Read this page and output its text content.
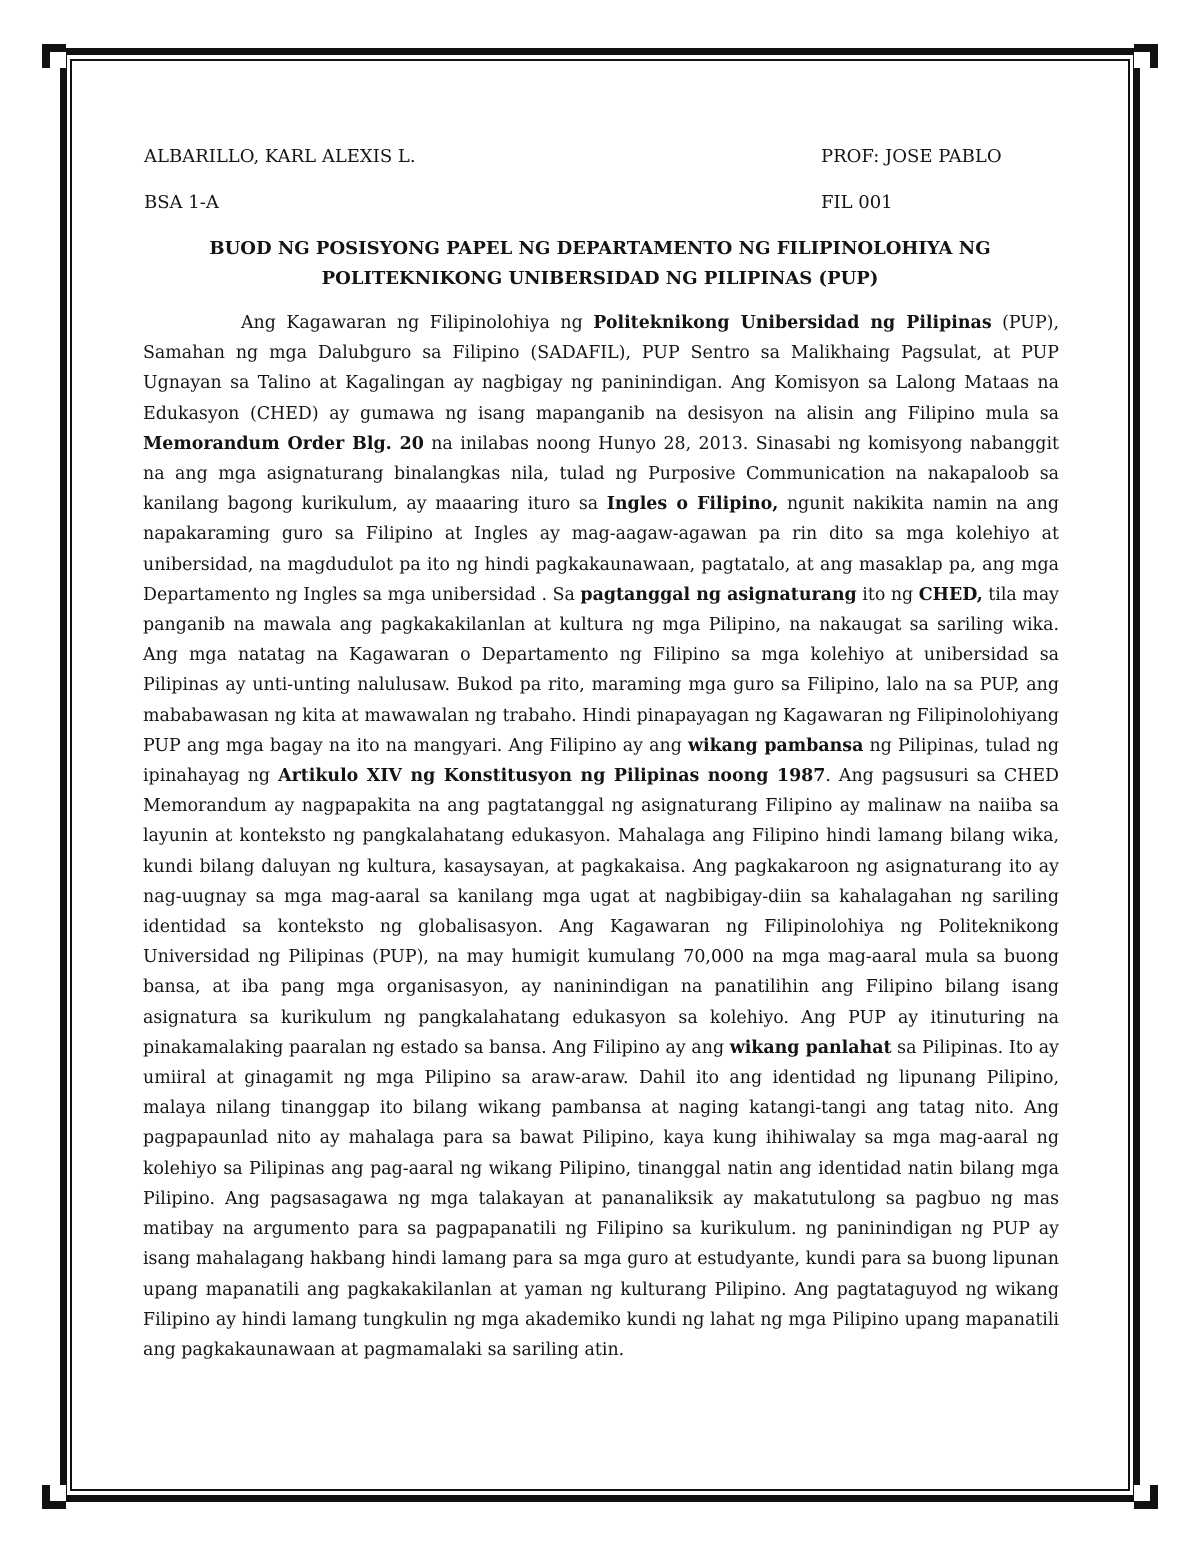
ALBARILLO, KARL ALEXIS L.	PROF: JOSE PABLO
BSA 1-A	FIL 001
BUOD NG POSISYONG PAPEL NG DEPARTAMENTO NG FILIPINOLOHIYA NG
POLITEKNIKONG UNIBERSIDAD NG PILIPINAS (PUP)

Ang Kagawaran ng Filipinolohiya ng Politeknikong Unibersidad ng Pilipinas (PUP), Samahan ng mga Dalubguro sa Filipino (SADAFIL), PUP Sentro sa Malikhaing Pagsulat, at PUP Ugnayan sa Talino at Kagalingan ay nagbigay ng paninindigan. Ang Komisyon sa Lalong Mataas na Edukasyon (CHED) ay gumawa ng isang mapanganib na desisyon na alisin ang Filipino mula sa Memorandum Order Blg. 20 na inilabas noong Hunyo 28, 2013. Sinasabi ng komisyong nabanggit na ang mga asignaturang binalangkas nila, tulad ng Purposive Communication na nakapaloob sa kanilang bagong kurikulum, ay maaaring ituro sa Ingles o Filipino, ngunit nakikita namin na ang napakaraming guro sa Filipino at Ingles ay mag-aagaw-agawan pa rin dito sa mga kolehiyo at unibersidad, na magdudulot pa ito ng hindi pagkakaunawaan, pagtatalo, at ang masaklap pa, ang mga Departamento ng Ingles sa mga unibersidad . Sa pagtanggal ng asignaturang ito ng CHED, tila may panganib na mawala ang pagkakakilanlan at kultura ng mga Pilipino, na nakaugat sa sariling wika. Ang mga natatag na Kagawaran o Departamento ng Filipino sa mga kolehiyo at unibersidad sa Pilipinas ay unti-unting nalulusaw. Bukod pa rito, maraming mga guro sa Filipino, lalo na sa PUP, ang mababawasan ng kita at mawawalan ng trabaho. Hindi pinapayagan ng Kagawaran ng Filipinolohiyang PUP ang mga bagay na ito na mangyari. Ang Filipino ay ang wikang pambansa ng Pilipinas, tulad ng ipinahayag ng Artikulo XIV ng Konstitusyon ng Pilipinas noong 1987. Ang pagsusuri sa CHED Memorandum ay nagpapakita na ang pagtatanggal ng asignaturang Filipino ay malinaw na naiiba sa layunin at konteksto ng pangkalahatang edukasyon. Mahalaga ang Filipino hindi lamang bilang wika, kundi bilang daluyan ng kultura, kasaysayan, at pagkakaisa. Ang pagkakaroon ng asignaturang ito ay nag-uugnay sa mga mag-aaral sa kanilang mga ugat at nagbibigay-diin sa kahalagahan ng sariling identidad sa konteksto ng globalisasyon. Ang Kagawaran ng Filipinolohiya ng Politeknikong Universidad ng Pilipinas (PUP), na may humigit kumulang 70,000 na mga mag-aaral mula sa buong bansa, at iba pang mga organisasyon, ay naninindigan na panatilihin ang Filipino bilang isang asignatura sa kurikulum ng pangkalahatang edukasyon sa kolehiyo. Ang PUP ay itinuturing na pinakamalaking paaralan ng estado sa bansa. Ang Filipino ay ang wikang panlahat sa Pilipinas. Ito ay umiiral at ginagamit ng mga Pilipino sa araw-araw. Dahil ito ang identidad ng lipunang Pilipino, malaya nilang tinanggap ito bilang wikang pambansa at naging katangi-tangi ang tatag nito. Ang pagpapaunlad nito ay mahalaga para sa bawat Pilipino, kaya kung ihihiwalay sa mga mag-aaral ng kolehiyo sa Pilipinas ang pag-aaral ng wikang Pilipino, tinanggal natin ang identidad natin bilang mga Pilipino. Ang pagsasagawa ng mga talakayan at pananaliksik ay makatutulong sa pagbuo ng mas matibay na argumento para sa pagpapanatili ng Filipino sa kurikulum. ng paninindigan ng PUP ay isang mahalagang hakbang hindi lamang para sa mga guro at estudyante, kundi para sa buong lipunan upang mapanatili ang pagkakakilanlan at yaman ng kulturang Pilipino. Ang pagtataguyod ng wikang Filipino ay hindi lamang tungkulin ng mga akademiko kundi ng lahat ng mga Pilipino upang mapanatili ang pagkakaunawaan at pagmamalaki sa sariling atin.
